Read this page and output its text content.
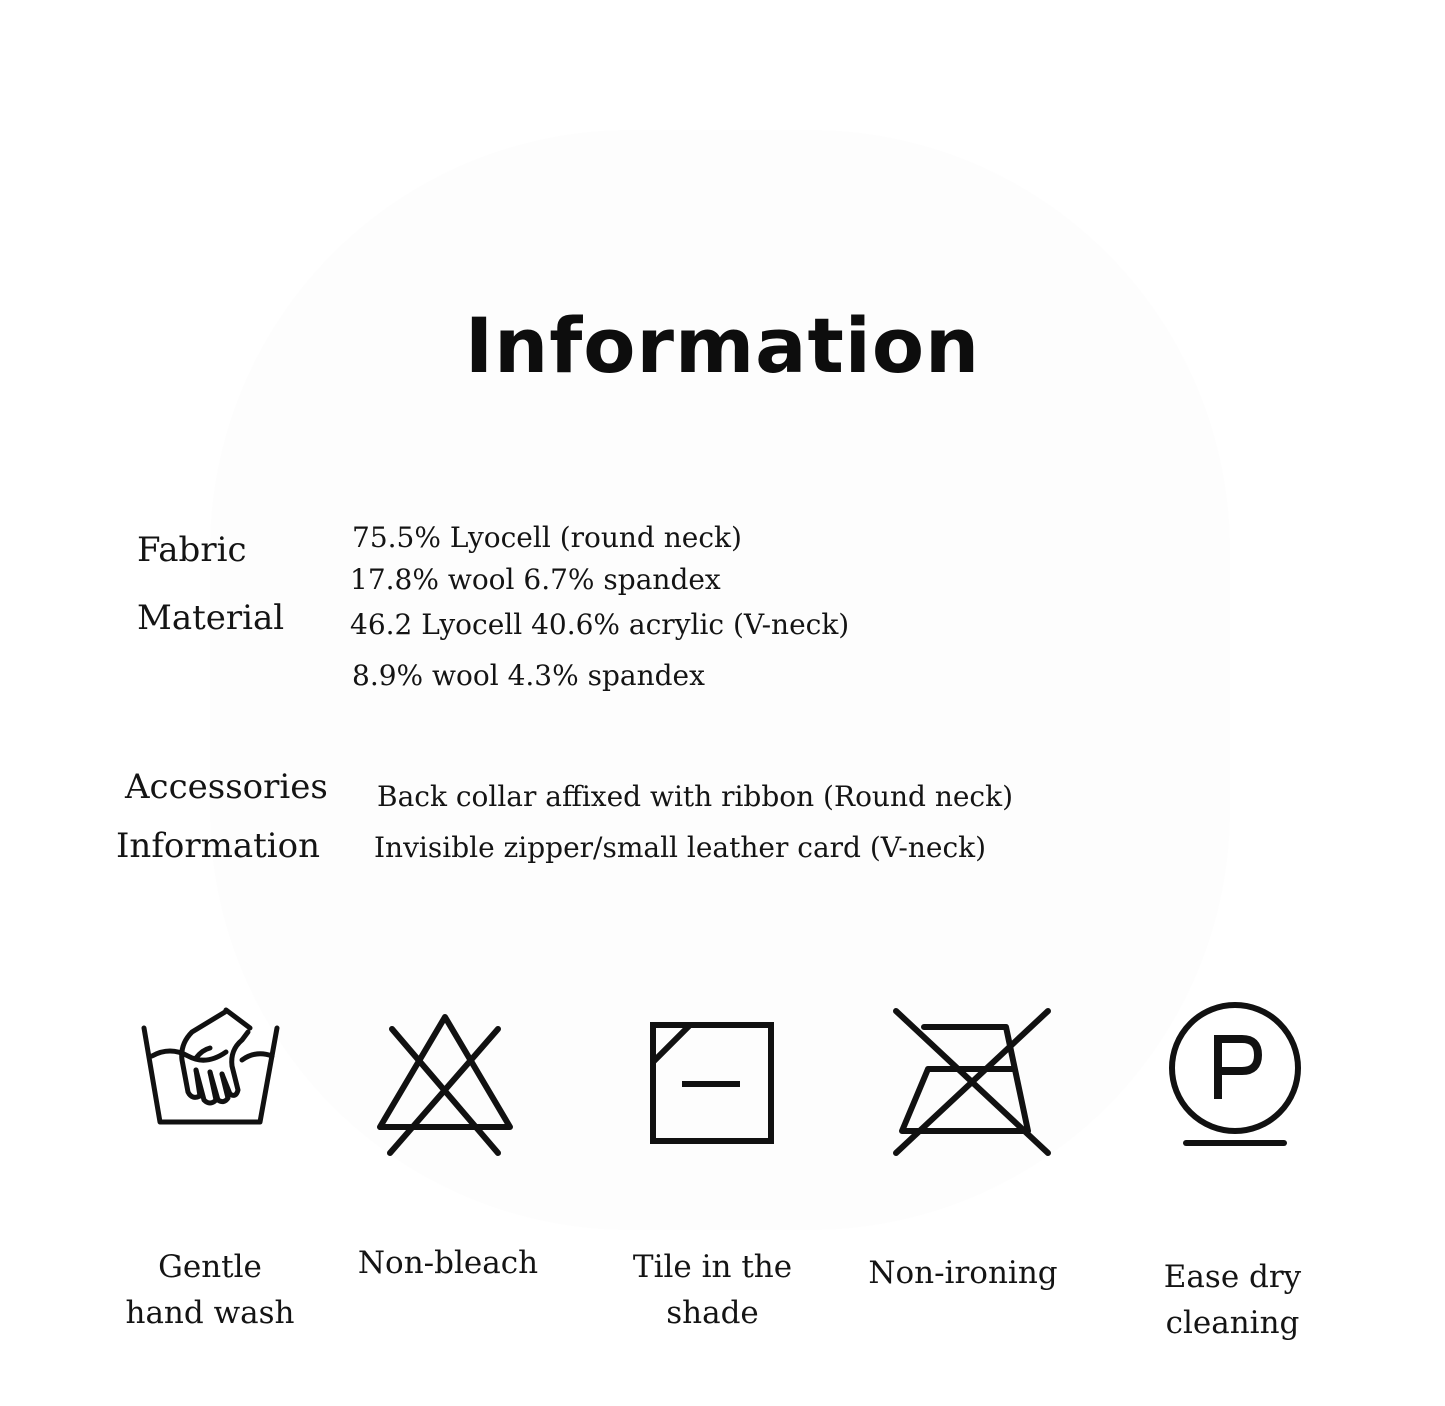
Information
Fabric
Material
75.5% Lyocell (round neck)
17.8% wool 6.7% spandex
46.2 Lyocell 40.6% acrylic (V-neck)
8.9% wool 4.3% spandex
Accessories
Information
Back collar affixed with ribbon (Round neck)
Invisible zipper/small leather card (V-neck)
Gentle
hand wash
Non-bleach	Tile in the
shade
Non-ironing	Ease dry
cleaning
